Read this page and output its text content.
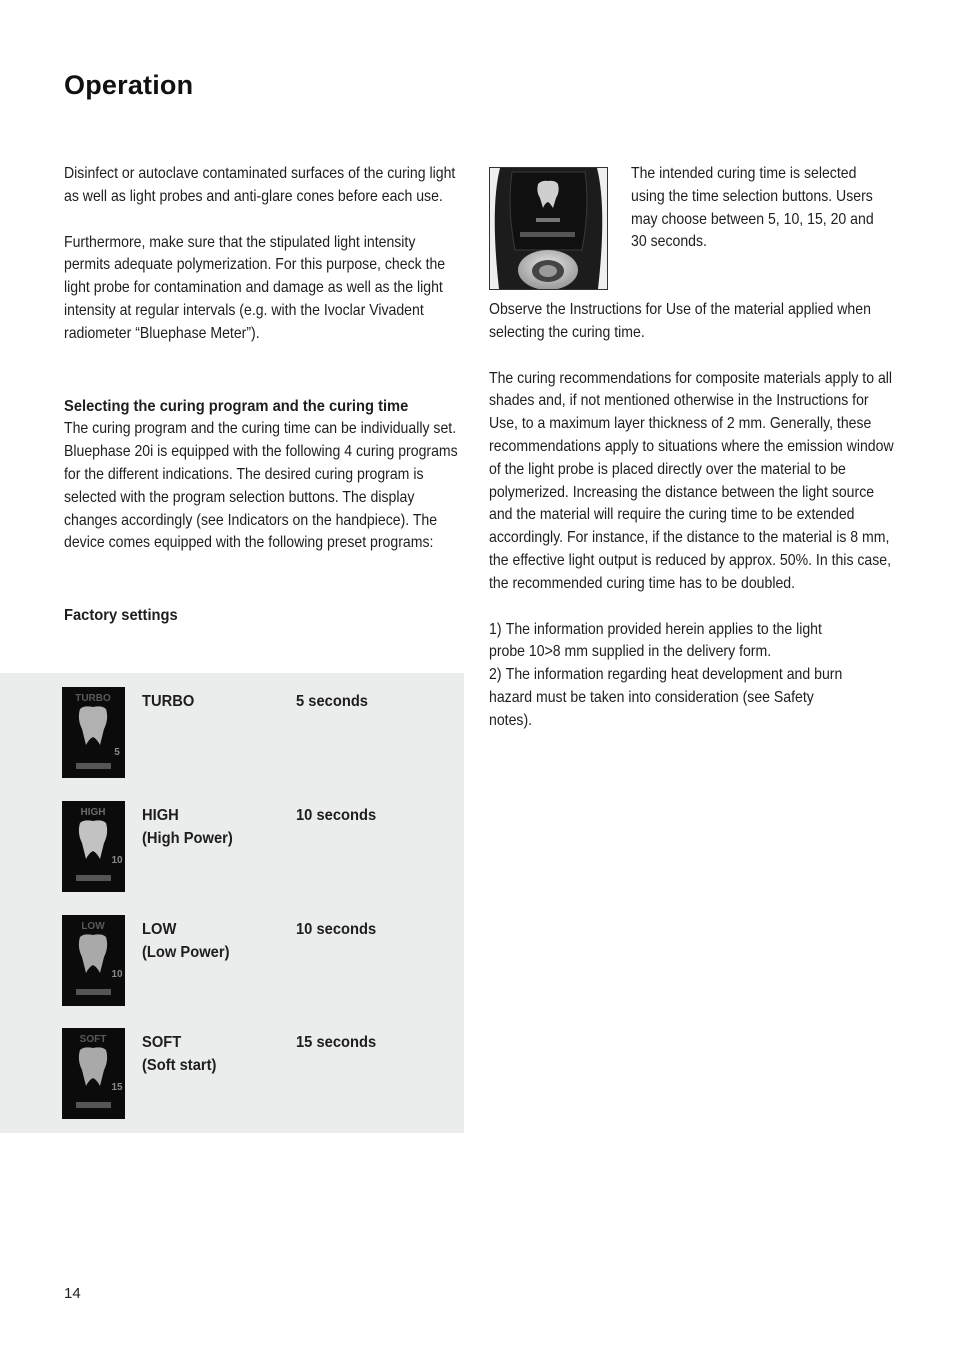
Operation

Disinfect or autoclave contaminated surfaces of the curing light as well as light probes and anti-glare cones before each use.

Furthermore, make sure that the stipulated light intensity permits adequate polymerization. For this purpose, check the light probe for contamination and damage as well as the light intensity at regular intervals (e.g. with the Ivoclar Vivadent radiometer “Bluephase Meter”).

Selecting the curing program and the curing time

The curing program and the curing time can be individually set. Bluephase 20i is equipped with the following 4 curing programs for the different indications. The desired curing program is selected with the program selection buttons. The display changes accordingly (see Indicators on the handpiece). The device comes equipped with the following preset programs:

Factory settings
TURBO
5
TURBO	5 seconds
HIGH
10
HIGH
(High Power)
10 seconds
LOW
10
LOW
(Low Power)
10 seconds
SOFT
15
SOFT
(Soft start)
15 seconds

The intended curing time is selected using the time selection buttons. Users may choose between 5, 10, 15, 20 and 30 seconds.

Observe the Instructions for Use of the material applied when selecting the curing time.

The curing recommendations for composite materials apply to all shades and, if not mentioned otherwise in the Instructions for Use, to a maximum layer thickness of 2 mm. Generally, these recommendations apply to situations where the emission window of the light probe is placed directly over the material to be polymerized. Increasing the distance between the light source and the material will require the curing time to be extended accordingly. For instance, if the distance to the material is 8 mm, the effective light output is reduced by approx. 50%. In this case, the recommended curing time has to be doubled.

1) The information provided herein applies to the light probe 10>8 mm supplied in the delivery form.

2) The information regarding heat development and burn hazard must be taken into consideration (see Safety notes).

14
